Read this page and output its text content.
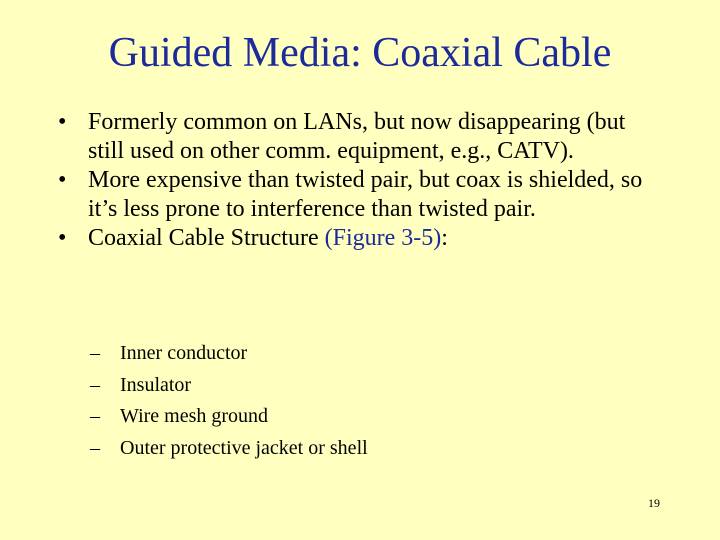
Guided Media: Coaxial Cable
• Formerly common on LANs, but now disappearing (but still used on other comm. equipment, e.g., CATV).
• More expensive than twisted pair, but coax is shielded, so it’s less prone to interference than twisted pair.
• Coaxial Cable Structure (Figure 3-5):
– Inner conductor
– Insulator
– Wire mesh ground
– Outer protective jacket or shell
19
